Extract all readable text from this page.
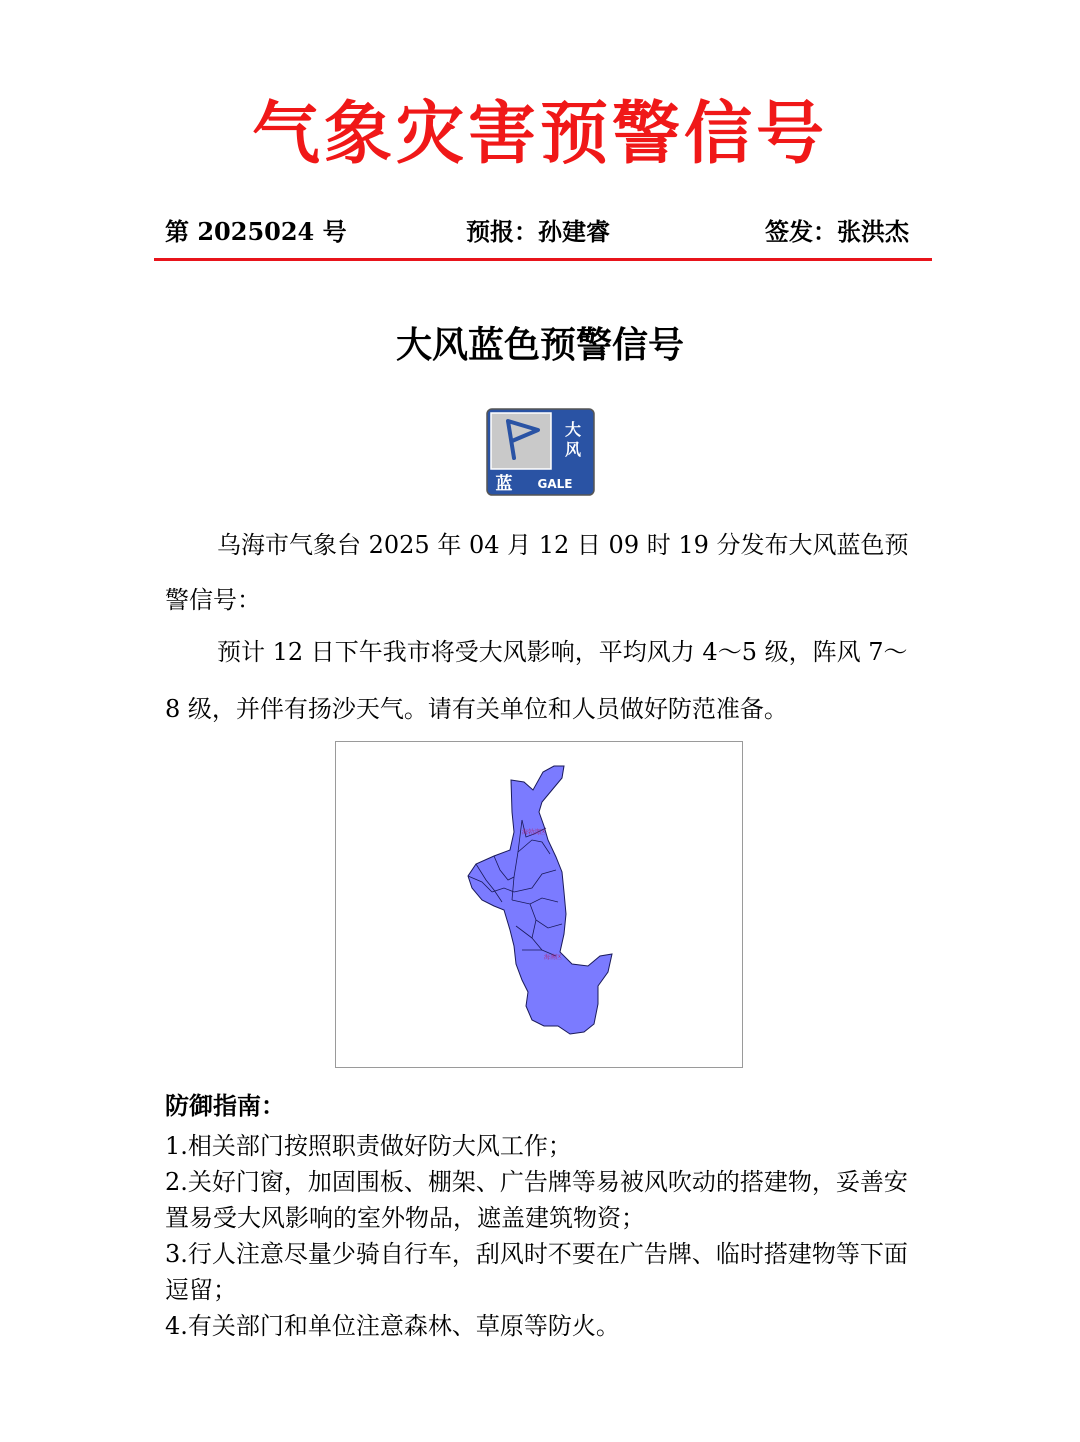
气象灾害预警信号
第 2025024 号	预报：孙建睿	签发：张洪杰
大风蓝色预警信号
大
风
蓝 GALE
乌海市气象台 2025 年 04 月 12 日 09 时 19 分发布大风蓝色预警信号：
预计 12 日下午我市将受大风影响，平均风力 4～5 级，阵风 7～8 级，并伴有扬沙天气。请有关单位和人员做好防范准备。
海勃湾区
海南区
防御指南：

1.相关部门按照职责做好防大风工作；

2.关好门窗，加固围板、棚架、广告牌等易被风吹动的搭建物，妥善安置易受大风影响的室外物品，遮盖建筑物资；

3.行人注意尽量少骑自行车，刮风时不要在广告牌、临时搭建物等下面逗留；

4.有关部门和单位注意森林、草原等防火。
